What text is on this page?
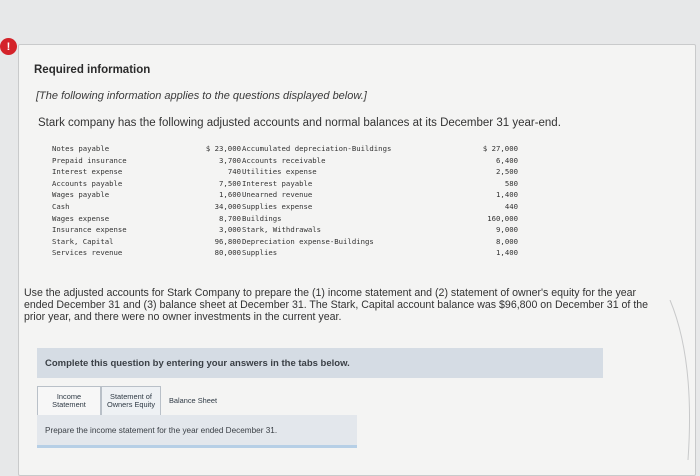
!
Required information
[The following information applies to the questions displayed below.]
Stark company has the following adjusted accounts and normal balances at its December 31 year-end.
Notes payable
Prepaid insurance
Interest expense
Accounts payable
Wages payable
Cash
Wages expense
Insurance expense
Stark, Capital
Services revenue
$ 23,000
3,700
740
7,500
1,600
34,000
8,700
3,000
96,800
80,000
Accumulated depreciation-Buildings
Accounts receivable
Utilities expense
Interest payable
Unearned revenue
Supplies expense
Buildings
Stark, Withdrawals
Depreciation expense-Buildings
Supplies
$ 27,000
6,400
2,500
580
1,400
440
160,000
9,000
8,000
1,400
Use the adjusted accounts for Stark Company to prepare the (1) income statement and (2) statement of owner's equity for the year ended December 31 and (3) balance sheet at December 31. The Stark, Capital account balance was $96,800 on December 31 of the prior year, and there were no owner investments in the current year.
Complete this question by entering your answers in the tabs below.
Income
Statement
Statement of
Owners Equity Balance Sheet
Prepare the income statement for the year ended December 31.
